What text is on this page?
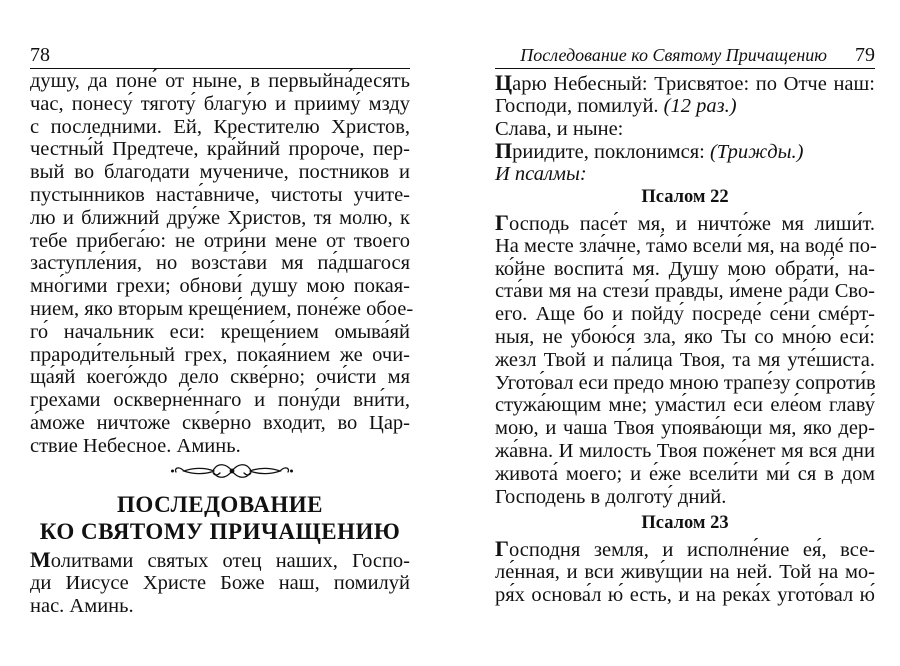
78
душу, да поне́ от ныне, в первыйна́десять
час, понесу́ тяготу́ благу́ю и прииму́ мзду
с последними. Ей, Крестителю Христов,
честны́й Предтече, кра́йний пророче, пер-
вый во благодати мучениче, постников и
пустынников наста́вниче, чистоты учите-
лю и ближний дру́же Христов, тя молю, к
тебе прибега́ю: не отри́ни мене от твоего
заступле́ния, но возста́ви мя па́дшагося
мно́гими грехи; обнови́ душу мою покая-
нием, яко вторым креще́нием, поне́же обое-
го́ начальник еси: креще́нием омыва́яй
прароди́тельный грех, покая́нием же очи-
ща́яй коего́ждо дело скве́рно; очи́сти мя
грехами оскверне́ннаго и пону́ди вни́ти,
а́може ничтоже скве́рно входит, во Цар-
ствие Небесное. Аминь.
ПОСЛЕДОВАНИЕ
КО СВЯТОМУ ПРИЧАЩЕНИЮ
Молитвами святых отец наших, Госпо-
ди Иисусе Христе Боже наш, помилуй
нас. Аминь.
Последование ко Святому Причащению 79
Царю Небесный: Трисвятое: по Отче наш:
Господи, помилуй. (12 раз.)
Слава, и ныне:
Приидите, поклонимся: (Трижды.)
И псалмы:
Псалом 22
Господь пасе́т мя, и ничто́же мя лиши́т.
На месте зла́чне, та́мо всели́ мя, на водé по-
ко́йне воспита́ мя. Душу мою обрати́, на-
ста́ви мя на стези́ пра́вды, и́мене ра́ди Сво-
его. Аще бо и пойду́ посреде́ се́ни смéрт-
ныя, не убою́ся зла, яко Ты со мно́ю еси́:
жезл Твой и па́лица Твоя, та мя уте́шиста.
Угото́вал еси предо мною трапе́зу сопроти́в
стужа́ющим мне; ума́стил еси еле́ом главу́
мою, и чаша Твоя упоява́ющи мя, яко дер-
жа́вна. И милость Твоя поже́нет мя вся дни
живота́ моего; и е́же всели́ти ми́ ся в дом
Господень в долготу́ дний.
Псалом 23
Господня земля, и исполне́ние ея́, все-
ле́нная, и вси живу́щии на ней. Той на мо-
ря́х основа́л ю́ есть, и на река́х угото́вал ю́
